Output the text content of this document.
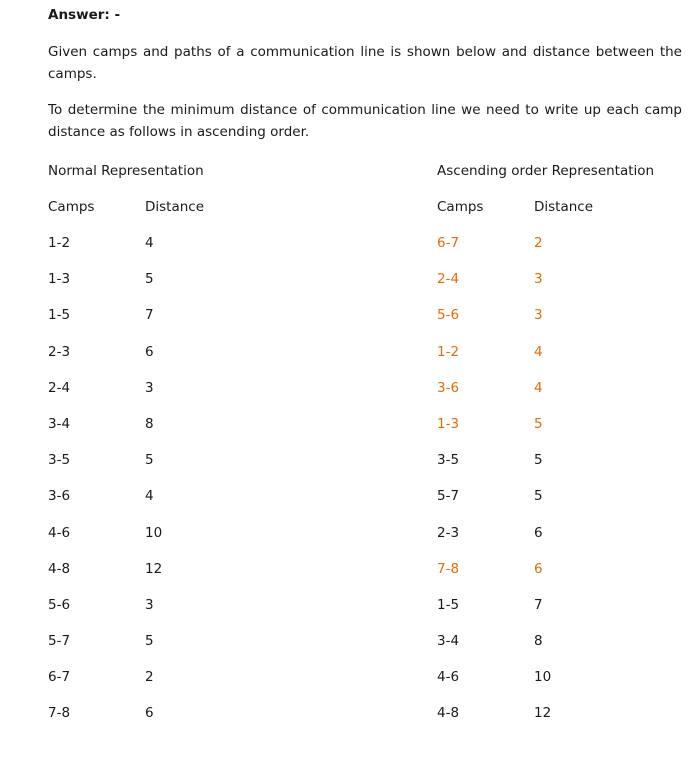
Answer: -
Given camps and paths of a communication line is shown below and distance between the camps.
To determine the minimum distance of communication line we need to write up each camp distance as follows in ascending order.
Normal Representation
Camps	Distance
1-2	4
1-3	5
1-5	7
2-3	6
2-4	3
3-4	8
3-5	5
3-6	4
4-6	10
4-8	12
5-6	3
5-7	5
6-7	2
7-8	6
Ascending order Representation
Camps	Distance
6-7	2
2-4	3
5-6	3
1-2	4
3-6	4
1-3	5
3-5	5
5-7	5
2-3	6
7-8	6
1-5	7
3-4	8
4-6	10
4-8	12
